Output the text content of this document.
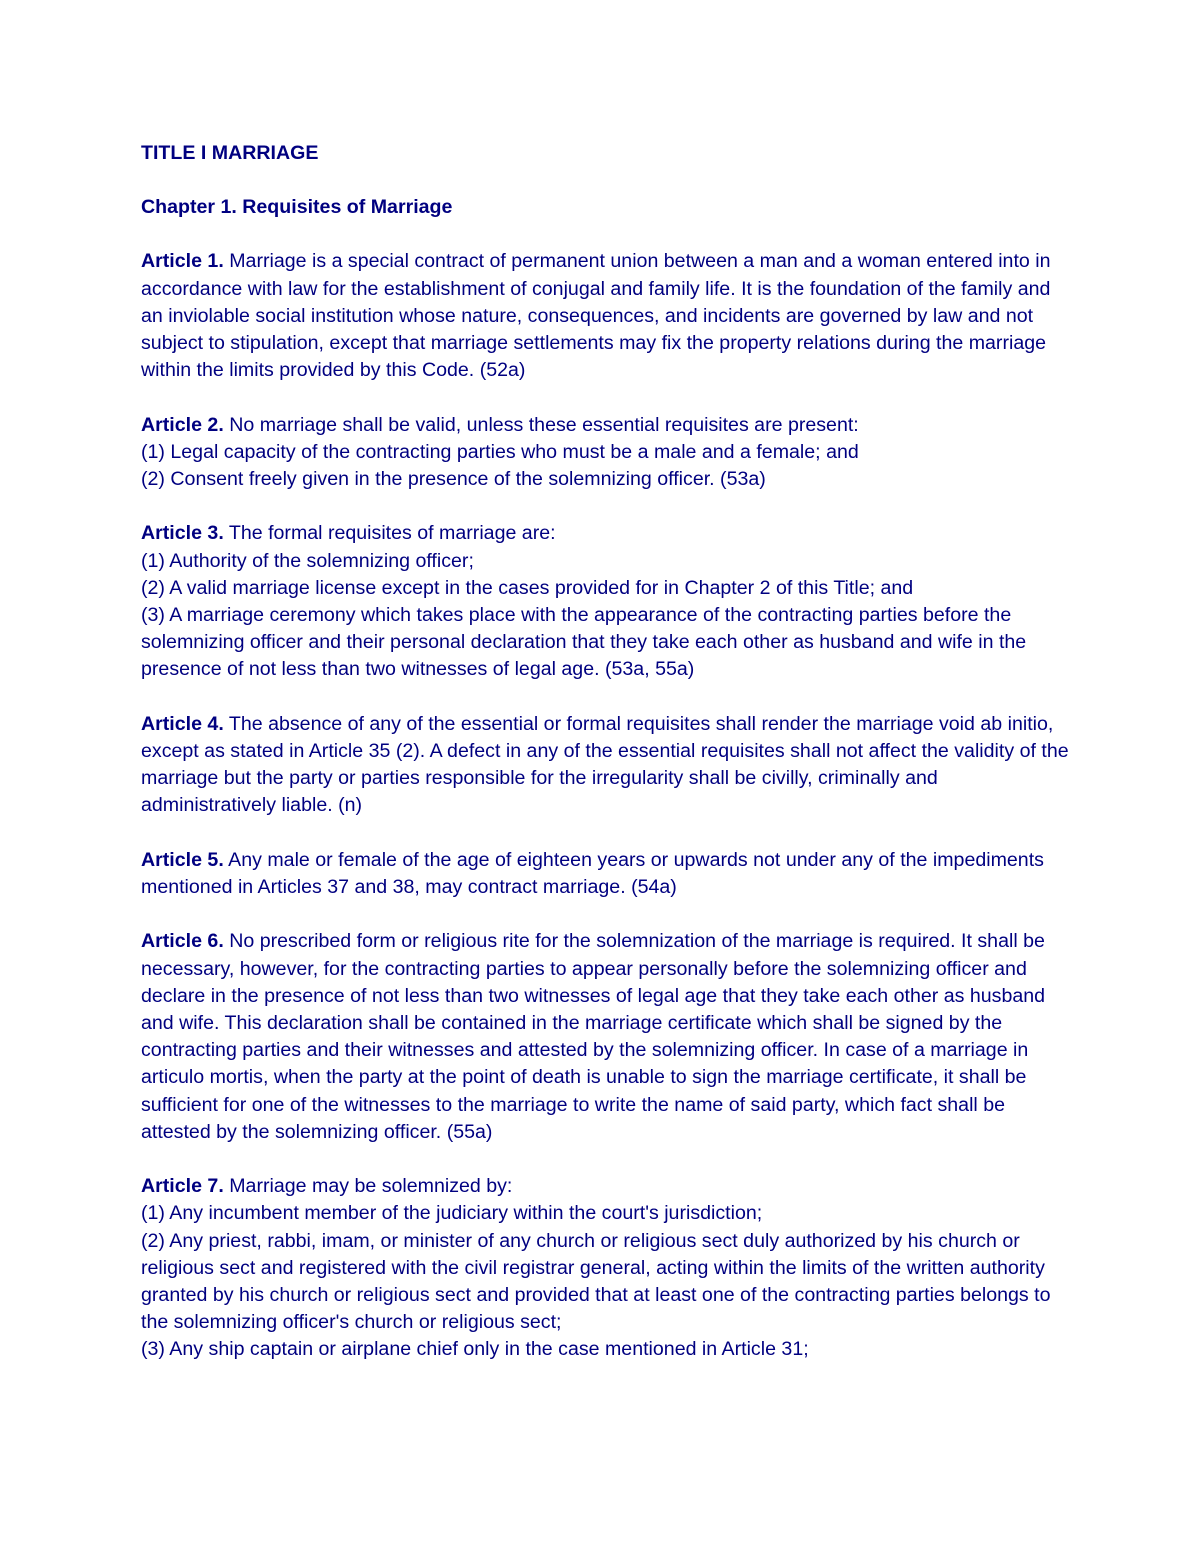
TITLE I MARRIAGE

Chapter 1. Requisites of Marriage

Article 1. Marriage is a special contract of permanent union between a man and a woman entered into in accordance with law for the establishment of conjugal and family life. It is the foundation of the family and an inviolable social institution whose nature, consequences, and incidents are governed by law and not subject to stipulation, except that marriage settlements may fix the property relations during the marriage within the limits provided by this Code. (52a)

Article 2. No marriage shall be valid, unless these essential requisites are present:

(1) Legal capacity of the contracting parties who must be a male and a female; and

(2) Consent freely given in the presence of the solemnizing officer. (53a)

Article 3. The formal requisites of marriage are:

(1) Authority of the solemnizing officer;

(2) A valid marriage license except in the cases provided for in Chapter 2 of this Title; and

(3) A marriage ceremony which takes place with the appearance of the contracting parties before the solemnizing officer and their personal declaration that they take each other as husband and wife in the presence of not less than two witnesses of legal age. (53a, 55a)

Article 4. The absence of any of the essential or formal requisites shall render the marriage void ab initio, except as stated in Article 35 (2). A defect in any of the essential requisites shall not affect the validity of the marriage but the party or parties responsible for the irregularity shall be civilly, criminally and administratively liable. (n)

Article 5. Any male or female of the age of eighteen years or upwards not under any of the impediments mentioned in Articles 37 and 38, may contract marriage. (54a)

Article 6. No prescribed form or religious rite for the solemnization of the marriage is required. It shall be necessary, however, for the contracting parties to appear personally before the solemnizing officer and declare in the presence of not less than two witnesses of legal age that they take each other as husband and wife. This declaration shall be contained in the marriage certificate which shall be signed by the contracting parties and their witnesses and attested by the solemnizing officer. In case of a marriage in articulo mortis, when the party at the point of death is unable to sign the marriage certificate, it shall be sufficient for one of the witnesses to the marriage to write the name of said party, which fact shall be attested by the solemnizing officer. (55a)

Article 7. Marriage may be solemnized by:

(1) Any incumbent member of the judiciary within the court's jurisdiction;

(2) Any priest, rabbi, imam, or minister of any church or religious sect duly authorized by his church or religious sect and registered with the civil registrar general, acting within the limits of the written authority granted by his church or religious sect and provided that at least one of the contracting parties belongs to the solemnizing officer's church or religious sect;

(3) Any ship captain or airplane chief only in the case mentioned in Article 31;
